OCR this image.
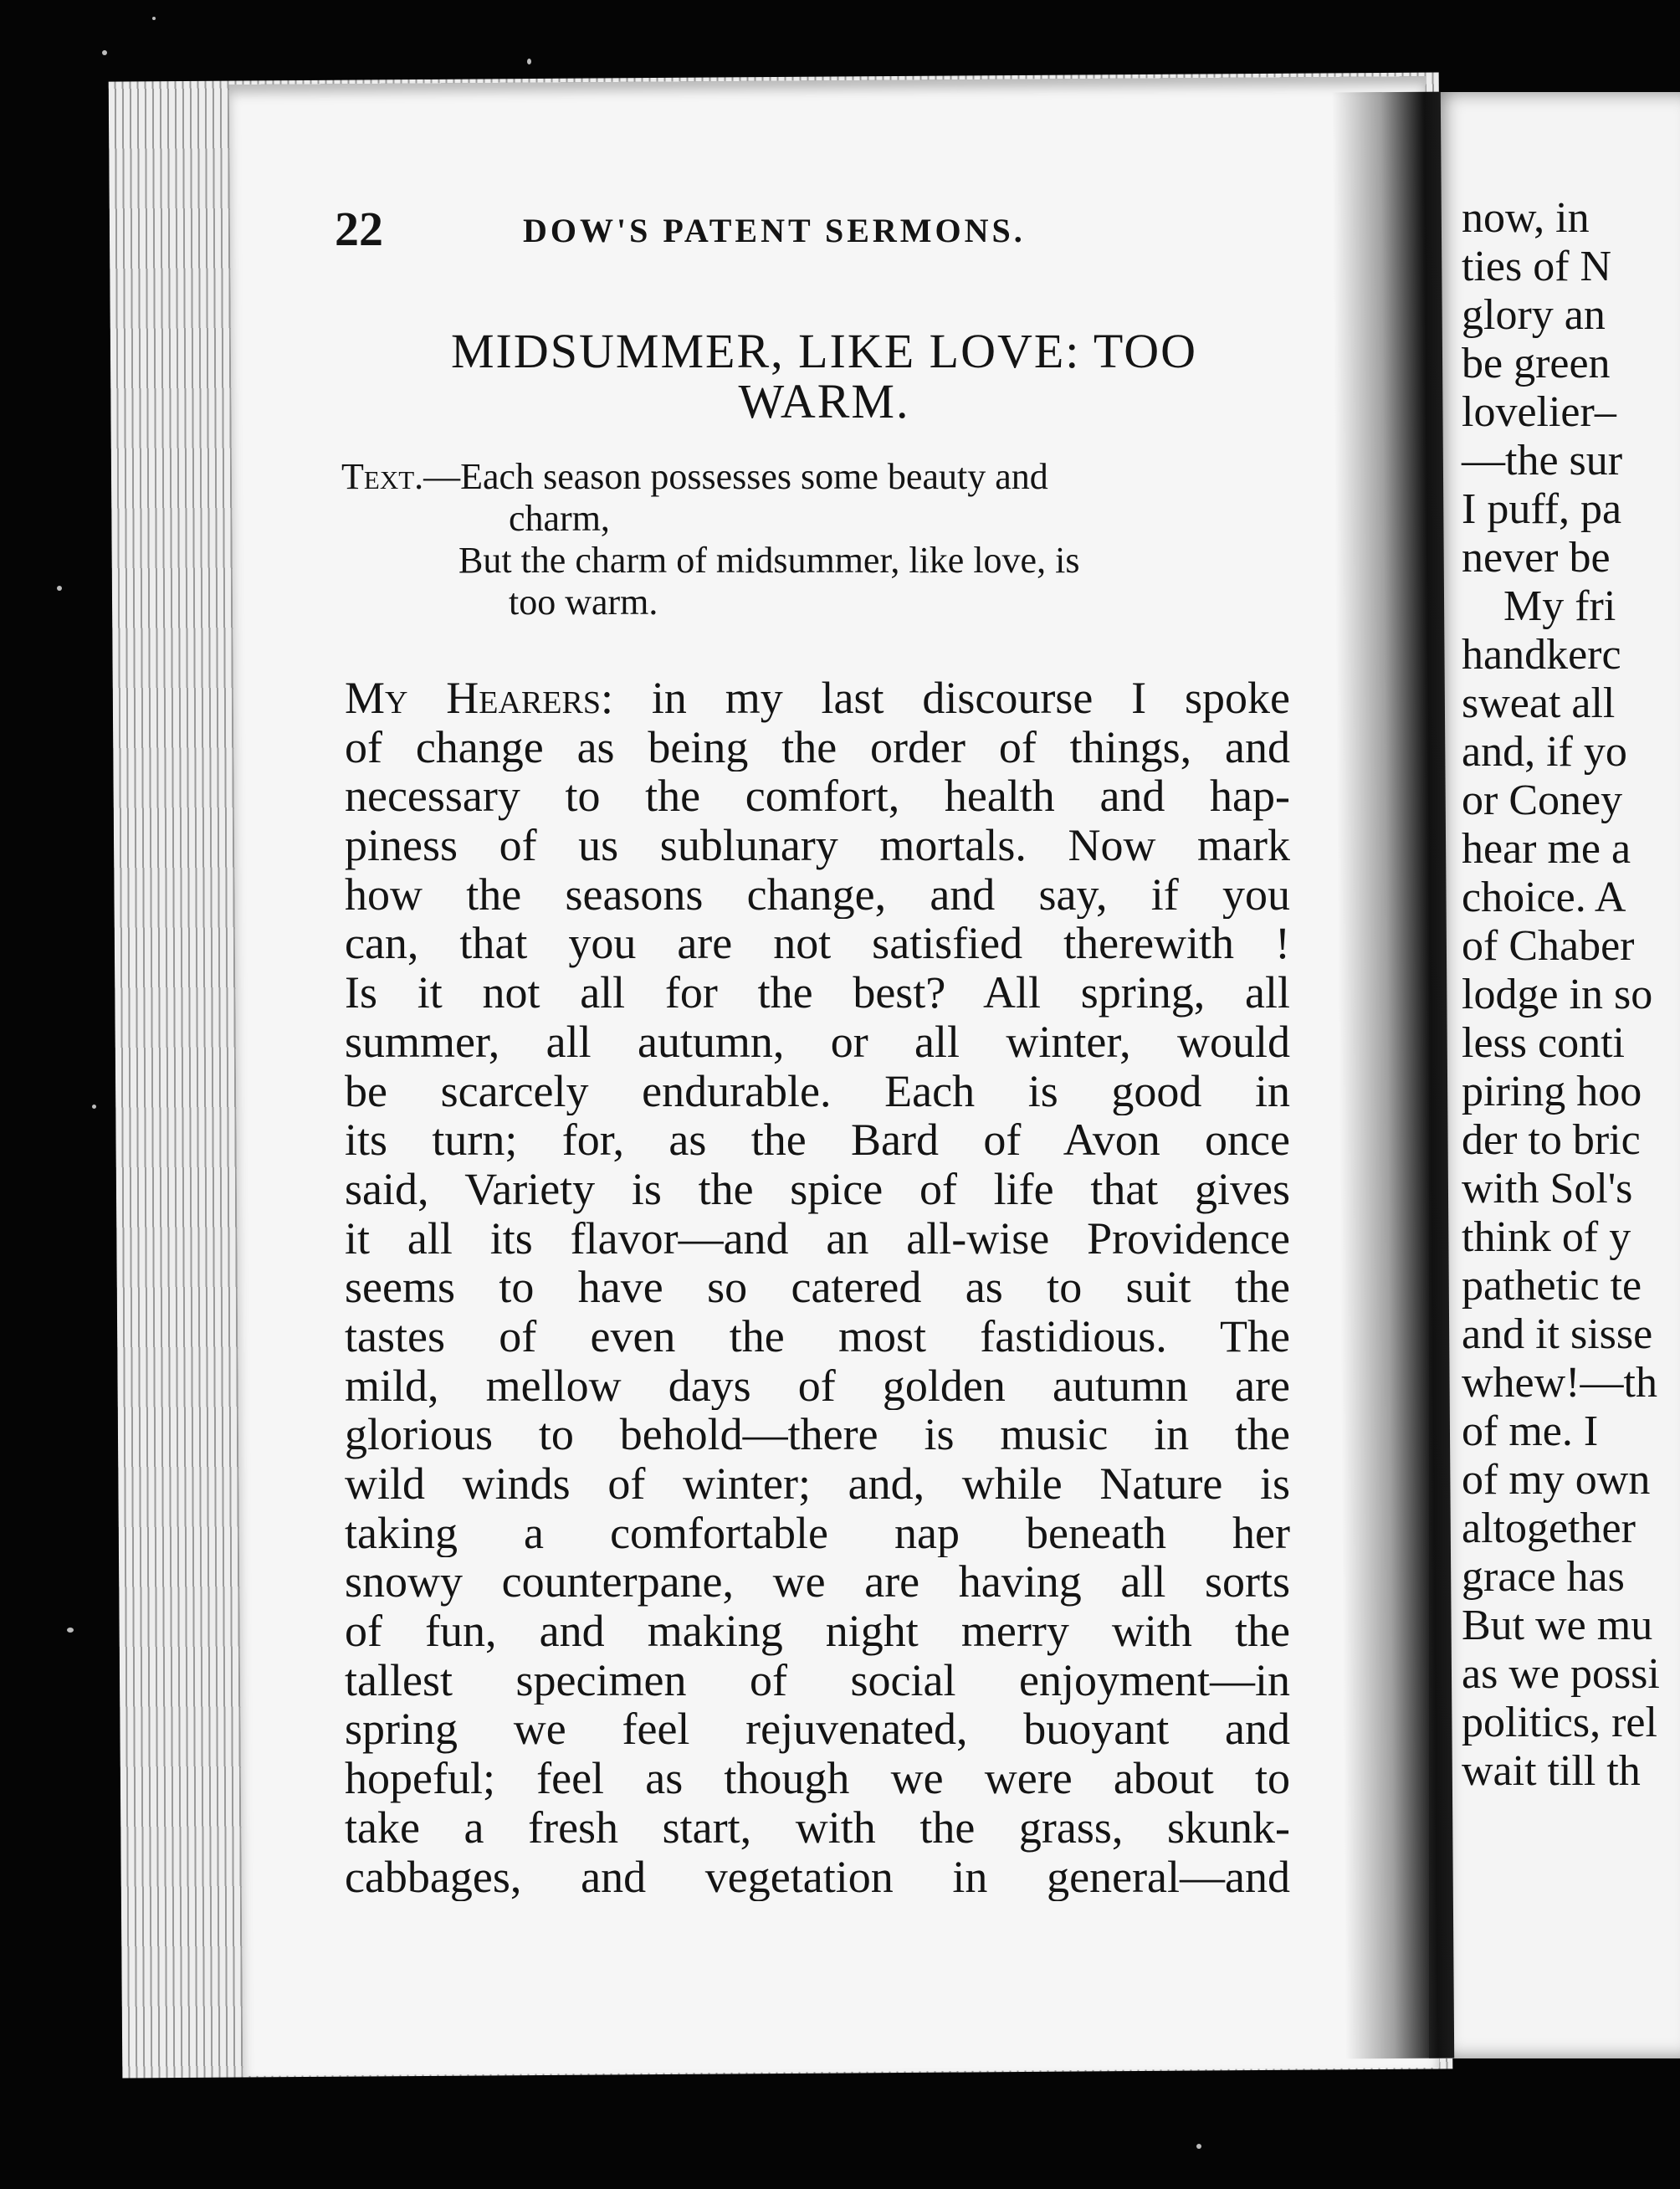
22	DOW'S PATENT SERMONS.
MIDSUMMER, LIKE LOVE: TOO
WARM.
Text.—Each season possesses some beauty and
charm,
But the charm of midsummer, like love, is
too warm.
My Hearers: in my last discourse I spoke
of change as being the order of things, and
necessary to the comfort, health and hap-
piness of us sublunary mortals. Now mark
how the seasons change, and say, if you
can, that you are not satisfied therewith !
Is it not all for the best? All spring, all
summer, all autumn, or all winter, would
be scarcely endurable. Each is good in
its turn; for, as the Bard of Avon once
said, Variety is the spice of life that gives
it all its flavor—and an all-wise Providence
seems to have so catered as to suit the
tastes of even the most fastidious. The
mild, mellow days of golden autumn are
glorious to behold—there is music in the
wild winds of winter; and, while Nature is
taking a comfortable nap beneath her
snowy counterpane, we are having all sorts
of fun, and making night merry with the
tallest specimen of social enjoyment—in
spring we feel rejuvenated, buoyant and
hopeful; feel as though we were about to
take a fresh start, with the grass, skunk-
cabbages, and vegetation in general—and
now, in
ties of N
glory an
be green
lovelier–
—the sur
I puff, pa
never be
My fri
handkerc
sweat all
and, if yo
or Coney
hear me a
choice. A
of Chaber
lodge in so
less conti
piring hoo
der to bric
with Sol's
think of y
pathetic te
and it sisse
whew!—th
of me. I
of my own
altogether
grace has
But we mu
as we possi
politics, rel
wait till th
